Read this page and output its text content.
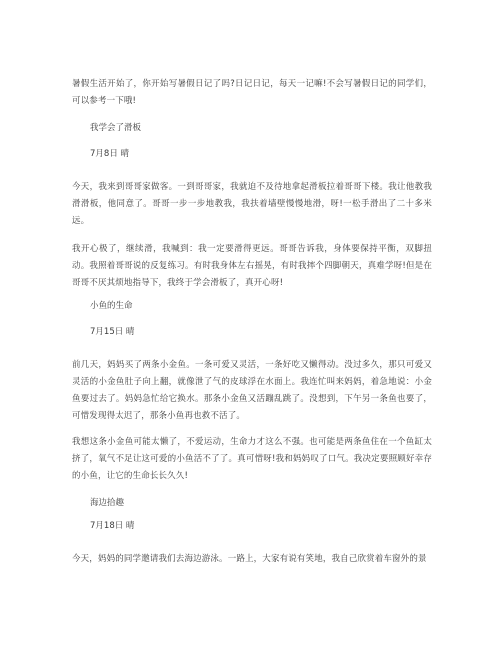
暑假生活开始了，你开始写暑假日记了吗?日记日记，每天一记嘛!不会写暑假日记的同学们，可以参考一下哦!

我学会了滑板

7月8日 晴

今天，我来到哥哥家做客。一到哥哥家，我就迫不及待地拿起滑板拉着哥哥下楼。我让他教我滑滑板，他同意了。哥哥一步一步地教我，我扶着墙壁慢慢地滑，呀!一松手滑出了二十多米远。

我开心极了，继续滑，我喊到：我一定要滑得更远。哥哥告诉我，身体要保持平衡，双脚扭动。我照着哥哥说的反复练习。有时我身体左右摇晃，有时我摔个四脚朝天，真难学呀!但是在哥哥不厌其烦地指导下，我终于学会滑板了，真开心呀!

小鱼的生命

7月15日 晴

前几天，妈妈买了两条小金鱼。一条可爱又灵活，一条好吃又懒得动。没过多久，那只可爱又灵活的小金鱼肚子向上翻，就像泄了气的皮球浮在水面上。我连忙叫来妈妈，着急地说：小金鱼要过去了。妈妈急忙给它换水。那条小金鱼又活蹦乱跳了。没想到，下午另一条鱼也要了，可惜发现得太迟了，那条小鱼再也救不活了。

我想这条小金鱼可能太懒了，不爱运动，生命力才这么不强。也可能是两条鱼住在一个鱼缸太挤了，氧气不足让这可爱的小鱼活不了了。真可惜呀!我和妈妈叹了口气。我决定要照顾好幸存的小鱼，让它的生命长长久久!

海边拾趣

7月18日 晴

今天，妈妈的同学邀请我们去海边游泳。一路上，大家有说有笑地，我自己欣赏着车窗外的景
